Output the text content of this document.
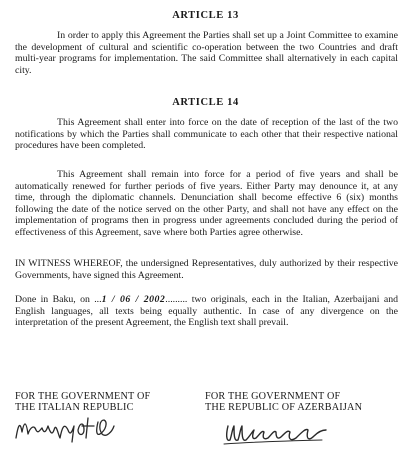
ARTICLE 13

In order to apply this Agreement the Parties shall set up a Joint Committee to examine the development of cultural and scientific co-operation between the two Countries and draft multi-year programs for implementation. The said Committee shall alternatively in each capital city.

ARTICLE 14

This Agreement shall enter into force on the date of reception of the last of the two notifications by which the Parties shall communicate to each other that their respective national procedures have been completed.

This Agreement shall remain into force for a period of five years and shall be automatically renewed for further periods of five years. Either Party may denounce it, at any time, through the diplomatic channels. Denunciation shall become effective 6 (six) months following the date of the notice served on the other Party, and shall not have any effect on the implementation of programs then in progress under agreements concluded during the period of effectiveness of this Agreement, save where both Parties agree otherwise.

IN WITNESS WHEREOF, the undersigned Representatives, duly authorized by their respective Governments, have signed this Agreement.

Done in Baku, on ...1 / 06 / 2002......... two originals, each in the Italian, Azerbaijani and English languages, all texts being equally authentic. In case of any divergence on the interpretation of the present Agreement, the English text shall prevail.

FOR THE GOVERNMENT OF
THE ITALIAN REPUBLIC
FOR THE GOVERNMENT OF
THE REPUBLIC OF AZERBAIJAN
